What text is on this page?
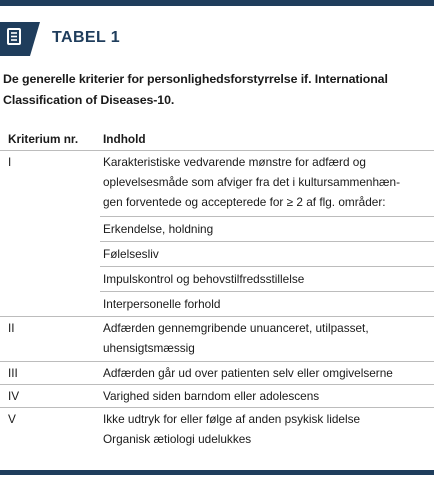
TABEL 1
De generelle kriterier for personlighedsforstyrrelse if. International
Classification of Diseases-10.
Kriterium nr. Indhold
I	Karakteristiske vedvarende mønstre for adfærd og
oplevelsesmåde som afviger fra det i kultursammenhæn-
gen forventede og accepterede for ≥ 2 af flg. områder:
Erkendelse, holdning
Følelsesliv
Impulskontrol og behovstilfredsstillelse
Interpersonelle forhold
II	Adfærden gennemgribende unuanceret, utilpasset,
uhensigtsmæssig
III	Adfærden går ud over patienten selv eller omgivelserne
IV	Varighed siden barndom eller adolescens
V	Ikke udtryk for eller følge af anden psykisk lidelse
Organisk ætiologi udelukkes
